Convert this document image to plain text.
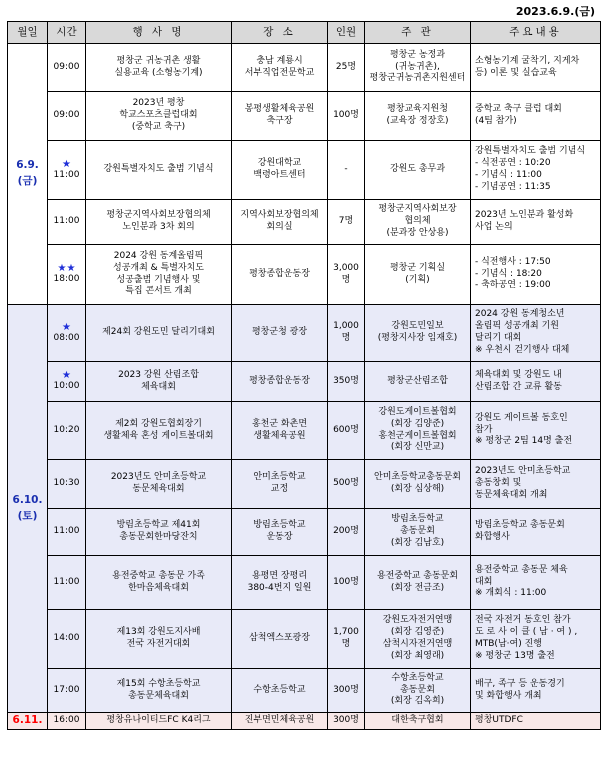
2023.6.9.(금)
월일	시간	행 사 명	장 소	인원	주 관	주요내용

6.9.
(금)	09:00	평창군 귀농귀촌 생활
실용교육 (소형농기계)	충남 계룡시
서부직업전문학교	25명	평창군 농정과
(귀농귀촌),
평창군귀농귀촌지원센터	소형농기계 굴착기, 지게차
등) 이론 및 실습교육

	09:00	2023년 평창
학교스포츠클럽대회
(중학교 축구)	봉평생활체육공원
축구장	100명	평창교육지원청
(교육장 정장호)	중학교 축구 클럽 대회
(4팀 참가)

	★
11:00	강원특별자치도 출범 기념식	강원대학교
백령아트센터	-	강원도 총무과	강원특별자치도 출범 기념식
- 식전공연 : 10:20
- 기념식 : 11:00
- 기념공연 : 11:35

	11:00	평창군지역사회보장협의체
노인분과 3차 회의	지역사회보장협의체
회의실	7명	평창군지역사회보장
협의체
(분과장 안상용)	2023년 노인분과 활성화
사업 논의

	★★
18:00	2024 강원 동계올림픽
성공개최 & 특별자치도
성공출범 기념행사 및
특집 콘서트 개최	평창종합운동장	3,000명	평창군 기획실
(기획)	- 식전행사 : 17:50
- 기념식 : 18:20
- 축하공연 : 19:00

6.10.
(토)	★
08:00	제24회 강원도민 달리기대회	평창군청 광장	1,000명	강원도민일보
(평창지사장 임재호)	2024 강원 동계청소년
올림픽 성공개최 기원
달리기 대회
※ 우천시 걷기행사 대체

	★
10:00	2023 강원 산림조합
체육대회	평창종합운동장	350명	평창군산림조합	체육대회 및 강원도 내
산림조합 간 교류 활동

	10:20	제2회 강원도협회장기
생활체육 혼성 게이트볼대회	홍천군 화촌면
생활체육공원	600명	강원도게이트볼협회
(회장 김양준)
홍천군게이트볼협회
(회장 신만교)	강원도 게이트볼 동호인
참가
※ 평창군 2팀 14명 출전

	10:30	2023년도 안미초등학교
동문체육대회	안미초등학교
교정	500명	안미초등학교총동문회
(회장 심상해)	2023년도 안미초등학교
총동창회 및
동문체육대회 개최

	11:00	방림초등학교 제41회
총동문회한마당잔치	방림초등학교
운동장	200명	방림초등학교
총동문회
(회장 김남호)	방림초등학교 총동문회
화합행사

	11:00	용전중학교 총동문 가족
한마음체육대회	용평면 장평리
380-4번지 일원	100명	용전중학교 총동문회
(회장 전금조)	용전중학교 총동문 체육
대회
※ 개회식 : 11:00

	14:00	제13회 강원도지사배
전국 자전거대회	삼척엑스포광장	1,700명	강원도자전거연맹
(회장 김영준)
삼척시자전거연맹
(회장 최영래)	전국 자전거 동호인 참가
도 로 사 이 클 ( 남 · 여 ) ,
MTB(남·여) 진행
※ 평창군 13명 출전

	17:00	제15회 수항초등학교
총동문체육대회	수항초등학교	300명	수항초등학교
총동문회
(회장 김옥희)	배구, 족구 등 운동경기
및 화합행사 개최

6.11.	16:00	평창유나이티드FC K4리그	진부면민체육공원	300명	대한축구협회	평창UTDFC
